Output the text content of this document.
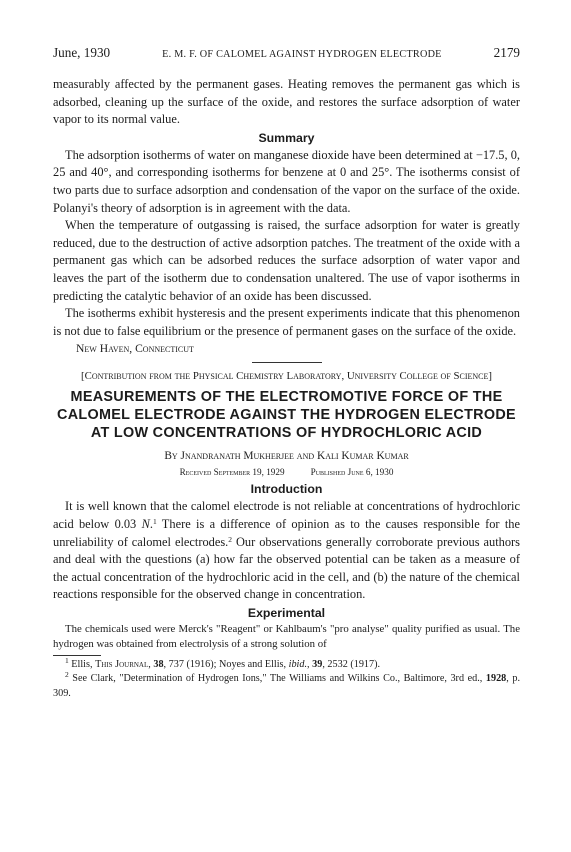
June, 1930	E. M. F. OF CALOMEL AGAINST HYDROGEN ELECTRODE	2179

measurably affected by the permanent gases. Heating removes the permanent gas which is adsorbed, cleaning up the surface of the oxide, and restores the surface adsorption of water vapor to its normal value.

Summary

The adsorption isotherms of water on manganese dioxide have been determined at −17.5, 0, 25 and 40°, and corresponding isotherms for benzene at 0 and 25°. The isotherms consist of two parts due to surface adsorption and condensation of the vapor on the surface of the oxide. Polanyi's theory of adsorption is in agreement with the data.

When the temperature of outgassing is raised, the surface adsorption for water is greatly reduced, due to the destruction of active adsorption patches. The treatment of the oxide with a permanent gas which can be adsorbed reduces the surface adsorption of water vapor and leaves the part of the isotherm due to condensation unaltered. The use of vapor isotherms in predicting the catalytic behavior of an oxide has been discussed.

The isotherms exhibit hysteresis and the present experiments indicate that this phenomenon is not due to false equilibrium or the presence of permanent gases on the surface of the oxide.

New Haven, Connecticut
[Contribution from the Physical Chemistry Laboratory, University College of Science]
MEASUREMENTS OF THE ELECTROMOTIVE FORCE OF THE CALOMEL ELECTRODE AGAINST THE HYDROGEN ELECTRODE AT LOW CONCENTRATIONS OF HYDROCHLORIC ACID
By Jnandranath Mukherjee and Kali Kumar Kumar
Received September 19, 1929	Published June 6, 1930
Introduction

It is well known that the calomel electrode is not reliable at concentrations of hydrochloric acid below 0.03 N.$^1$ There is a difference of opinion as to the causes responsible for the unreliability of calomel electrodes.$^2$ Our observations generally corroborate previous authors and deal with the questions (a) how far the observed potential can be taken as a measure of the actual concentration of the hydrochloric acid in the cell, and (b) the nature of the chemical reactions responsible for the observed change in concentration.

Experimental

The chemicals used were Merck's "Reagent" or Kahlbaum's "pro analyse" quality purified as usual. The hydrogen was obtained from electrolysis of a strong solution of

$^1$ Ellis, This Journal, 38, 737 (1916); Noyes and Ellis, ibid., 39, 2532 (1917).

$^2$ See Clark, "Determination of Hydrogen Ions," The Williams and Wilkins Co., Baltimore, 3rd ed., 1928, p. 309.
